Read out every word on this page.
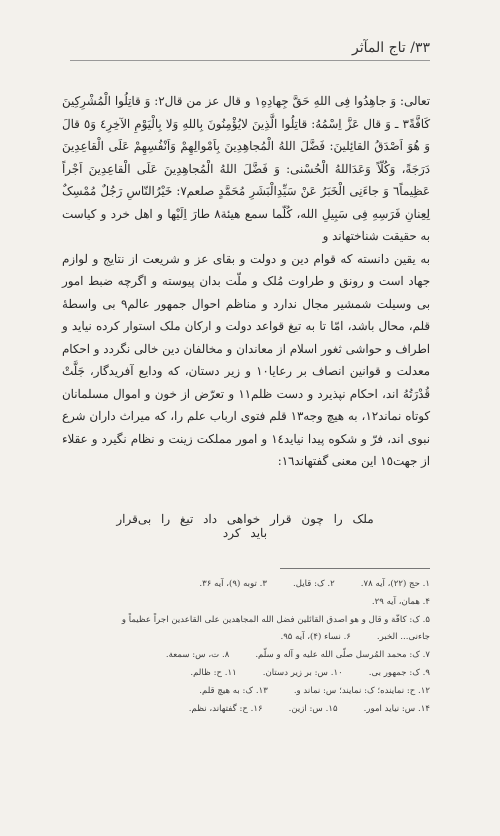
۳۳/ تاج المآثر

تعالی: وَ جاهِدُوا فِی اللهِ حَقَّ جِهادِهِ١ و قال عز من قال٢: وَ قاتِلُوا الْمُشْرِکِینَ کَافَّةً٣ ـ وَ قال عَزَّ اِسْمُهُ: قاتِلُوا الَّذِینَ لایُؤْمِنُونَ بِاللهِ وَلا بِالْیَوْمِ الآخِرِ٤ وَ٥ قالَ وَ هُوَ اَصْدَقُ القائِلینَ: فَضَّلَ اللهُ الْمُجاهِدِینَ بِاَمْوالِهِمْ وَاَنْفُسِهِمْ عَلَی الْقاعِدِینَ دَرَجَةً، وَکُلّاً وَعَدَاللهُ الْحُسْنی: وَ فَضَّلَ اللهُ الْمُجاهِدِینَ عَلَی الْقاعِدِینَ اَجْراً عَظِیماً٦ وَ جاءَنِی الْخَبَرُ عَنْ سَیِّدِالْبَشَرِ مُحَمَّدٍ صلعم٧: خَیْرُالنّاسِ رَجُلٌ مُمْسِکٌ لِعِنانِ فَرَسِهِ فِی سَبِیلِ الله، کُلّما سمع هیئة٨ طارَ اِلَیْها و اهل خرد و کیاست به حقیقت شناختهاند و

به یقین دانسته که قوام دین و دولت و بقای عز و شریعت از نتایج و لوازم جهاد است و رونق و طراوت مُلک و ملّت بدان پیوسته و اگرچه ضبط امور بی وسیلت شمشیر مجال ندارد و مناظم احوال جمهور عالم٩ بی واسطهٔ قلم، محال باشد، امّا تا به تیغ قواعد دولت و ارکان ملک استوار کرده نیاید و اطراف و حواشی ثغور اسلام از معاندان و مخالفان دین خالی نگردد و احکام معدلت و قوانین انصاف بر رعایا١٠ و زیر دستان، که ودایع آفریدگار، جَلَّتْ قُدْرَتُهُ اند، احکام نپذیرد و دست ظلم١١ و تعرّض از خون و اموال مسلمانان کوتاه نماند١٢، به هیچ وجه١٣ قلم فتوی ارباب علم را، که میراث داران شرع نبوی اند، فرّ و شکوه پیدا نیاید١٤ و امور مملکت زینت و نظام نگیرد و عقلاء از جهت١٥ این معنی گفتهاند١٦:

ملک را چون قرار خواهی داد تیغ را بی‌قرار باید کرد
۱. حج (۲۲)، آیه ۷۸.
۲. ک: قایل.
۳. توبه (۹)، آیه ۳۶.
۴. همان، آیه ۲۹.
۵. ک: کافّة و قال و هو اصدق القائلین فضل الله المجاهدین علی القاعدین اجراً عظیماً و
جاءنی... الخبر.
۶. نساء (۴)، آیه ۹۵.
۷. ک: محمد المُرسل صلّی الله علیه و آله و سلّم.
۸. ت، س: سمعة.
۹. ک: جمهور بی.
۱۰. س: بر زیر دستان.
۱۱. ح: ظالم.
۱۲. ح: نماینده؛ ک: نمایند؛ س: نماند و.
۱۳. ک: به هیچ قلم.
۱۴. س: نیاید امور.
۱۵. س: ازین.
۱۶. ح: گفتهاند، نظم.
